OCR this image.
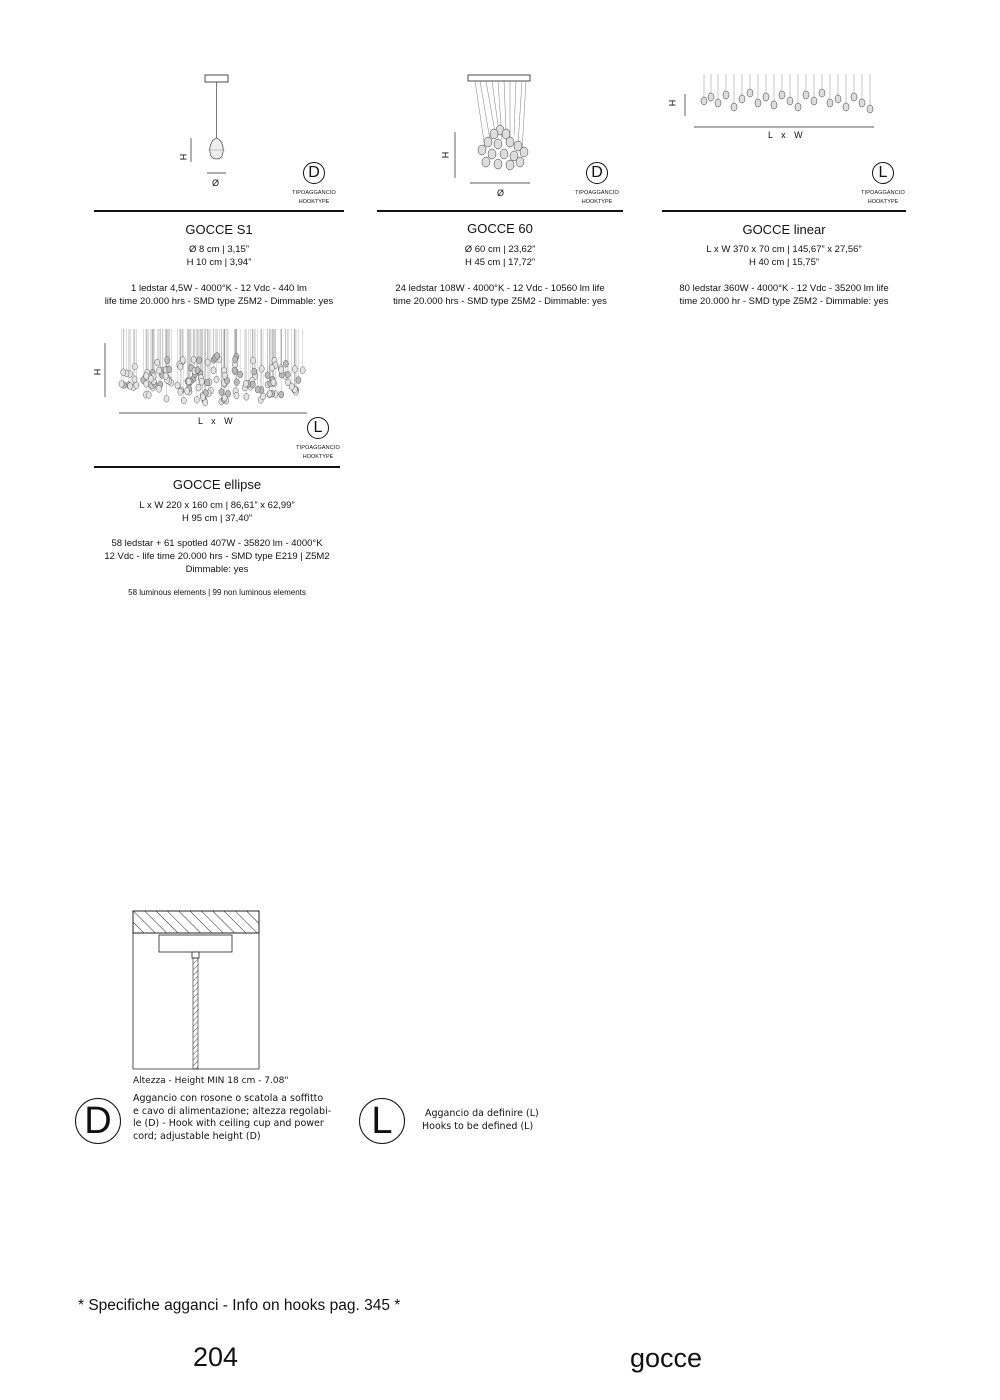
H
Ø
D
TIPOAGGANCIO
HOOKTYPE
GOCCE S1
Ø 8 cm | 3,15”
H 10 cm | 3,94”
1 ledstar 4,5W - 4000°K - 12 Vdc - 440 lm
life time 20.000 hrs - SMD type Z5M2 - Dimmable: yes
H
Ø
D
TIPOAGGANCIO
HOOKTYPE
GOCCE 60
Ø 60 cm | 23,62”
H 45 cm | 17,72”
24 ledstar 108W - 4000°K - 12 Vdc - 10560 lm life
time 20.000 hrs - SMD type Z5M2 - Dimmable: yes
H
L x W
L
TIPOAGGANCIO
HOOKTYPE
GOCCE linear
L x W 370 x 70 cm | 145,67” x 27,56”
H 40 cm | 15,75”
80 ledstar 360W - 4000°K - 12 Vdc - 35200 lm life
time 20.000 hr - SMD type Z5M2 - Dimmable: yes
H
L x W	L
TIPOAGGANCIO
HOOKTYPE
GOCCE ellipse
L x W 220 x 160 cm | 86,61” x 62,99”
H 95 cm | 37,40”
58 ledstar + 61 spotled 407W - 35820 lm - 4000°K
12 Vdc - life time 20.000 hrs - SMD type E219 | Z5M2
Dimmable: yes
58 luminous elements | 99 non luminous elements
Altezza - Height MIN 18 cm - 7.08"
D
Aggancio con rosone o scatola a soffitto
e cavo di alimentazione; altezza regolabi-
le (D) - Hook with ceiling cup and power
cord; adjustable height (D)	L	Aggancio da definire (L)
Hooks to be defined (L)
* Specifiche agganci - Info on hooks pag. 345 *
204	gocce
